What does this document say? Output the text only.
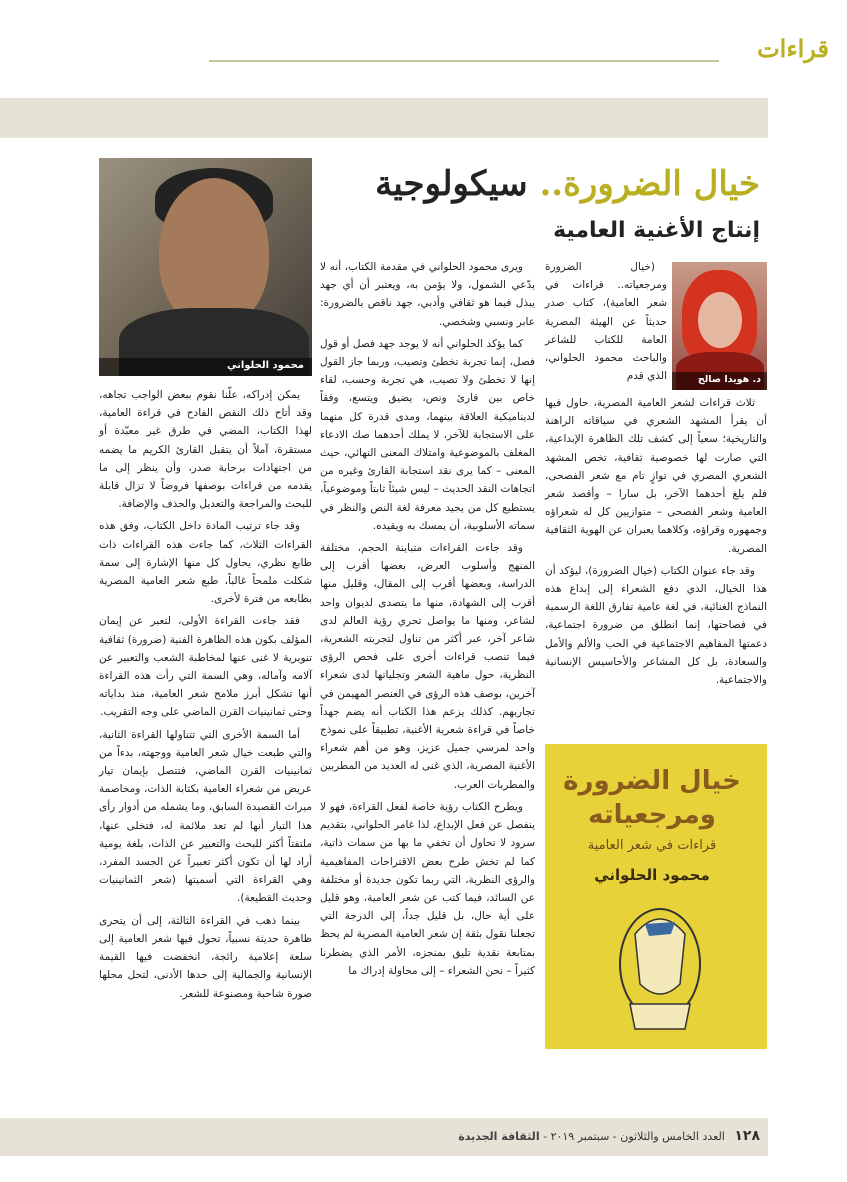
قراءات
محمود الحلواني
خيال الضرورة.. سيكولوجية
إنتاج الأغنية العامية
د. هويدا صالح

(خيال الضرورة ومرجعياته.. قراءات في شعر العامية)، كتاب صدر حديثاً عن الهيئة المصرية العامة للكتاب للشاعر والباحث محمود الحلواني، الذي قدم

ثلاث قراءات لشعر العامية المصرية، حاول فيها أن يقرأ المشهد الشعري في سياقاته الراهنة والتاريخية؛ سعياً إلى كشف تلك الظاهرة الإبداعية، التي صارت لها خصوصية ثقافية، تخص المشهد الشعري المصري في توازٍ تام مع شعر الفصحى، فلم يلغ أحدهما الآخر، بل سارا – وأقصد شعر العامية وشعر الفصحى – متوازيين كل له شعراؤه وجمهوره وقراؤه، وكلاهما يعبران عن الهوية الثقافية المصرية.

وقد جاء عنوان الكتاب (خيال الضرورة)، ليؤكد أن هذا الخيال، الذي دفع الشعراء إلى إبداع هذه النماذج الغنائية، في لغة عامية تفارق اللغة الرسمية في فصاحتها، إنما انطلق من ضرورة اجتماعية، دعمتها المفاهيم الاجتماعية في الحب والألم والأمل والسعادة، بل كل المشاعر والأحاسيس الإنسانية والاجتماعية.

خيال الضرورة
ومرجعياته
قراءات في شعر العامية
محمود الحلواني

ويرى محمود الحلواني في مقدمة الكتاب، أنه لا يدّعي الشمول، ولا يؤمن به، ويعتبر أن أي جهد يبذل فيما هو ثقافي وأدبي، جهد ناقص بالضرورة: عابر ونسبي وشخصي.

كما يؤكد الحلواني أنه لا يوجد جهد فصل أو قول فصل، إنما تجربة تخطئ وتصيب، وربما جاز القول إنها لا تخطئ ولا تصيب، هي تجربة وحسب، لقاء خاص بين قارئ ونص، يضيق ويتسع، وفقاً لديناميكية العلاقة بينهما، ومدى قدرة كل منهما على الاستجابة للآخر، لا يملك أحدهما صك الادعاء المغلف بالموضوعية وامتلاك المعنى النهائي، حيث المعنى – كما يرى نقد استجابة القارئ وغيره من اتجاهات النقد الحديث – ليس شيئاً ثابتاً وموضوعياً، يستطيع كل من يجيد معرفة لغة النص والنظر في سماته الأسلوبية، أن يمسك به ويقيده.

وقد جاءت القراءات متباينة الحجم، مختلفة المنهج وأسلوب العرض، بعضها أقرب إلى الدراسة، وبعضها أقرب إلى المقال، وقليل منها أقرب إلى الشهادة، منها ما يتصدى لديوان واحد لشاعر، ومنها ما يواصل تحري رؤية العالم لدى شاعر آخر، عبر أكثر من تناول لتجربته الشعرية، فيما تنصب قراءات أخرى على فحص الرؤى النظرية، حول ماهية الشعر وتجلياتها لدى شعراء آخرين، بوصف هذه الرؤى في العنصر المهيمن في تجاربهم. كذلك يزعم هذا الكتاب أنه يضم جهداً خاصاً في قراءة شعرية الأغنية، تطبيقاً على نموذج واحد لمرسي جميل عزيز، وهو من أهم شعراء الأغنية المصرية، الذي غنى له العديد من المطربين والمطربات العرب.

ويطرح الكتاب رؤية خاصة لفعل القراءة، فهو لا ينفصل عن فعل الإبداع، لذا غامر الحلواني، بتقديم سرود لا تحاول أن تخفي ما بها من سمات ذاتية، كما لم تخش طرح بعض الاقتراحات المفاهيمية والرؤى النظرية، التي ربما تكون جديدة أو مختلفة عن السائد، فيما كتب عن شعر العامية، وهو قليل على أية حال، بل قليل جداً، إلى الدرجة التي تجعلنا نقول بثقة إن شعر العامية المصرية لم يحظ بمتابعة نقدية تليق بمنجزه، الأمر الذي يضطرنا كثيراً – نحن الشعراء – إلى محاولة إدراك ما

يمكن إدراكه، علّنا نقوم ببعض الواجب تجاهه، وقد أتاح ذلك النقص الفادح في قراءة العامية، لهذا الكتاب، المضي في طرق غير معبّدة أو مستقرة، آملاً أن يتقبل القارئ الكريم ما يضمه من اجتهادات برحابة صدر، وأن ينظر إلى ما يقدمه من قراءات بوصفها فروضاً لا تزال قابلة للبحث والمراجعة والتعديل والحذف والإضافة.

وقد جاء ترتيب المادة داخل الكتاب، وفق هذه القراءات الثلاث، كما جاءت هذه القراءات ذات طابع نظري، يحاول كل منها الإشارة إلى سمة شكلت ملمحاً غالباً، طبع شعر العامية المصرية بطابعه من فترة لأخرى.

فقد جاءت القراءة الأولى، لتعبر عن إيمان المؤلف بكون هذه الظاهرة الفنية (ضرورة) ثقافية تنويرية لا غنى عنها لمخاطبة الشعب والتعبير عن آلامه وآماله، وهي السمة التي رأت هذه القراءة أنها تشكل أبرز ملامح شعر العامية، منذ بداياته وحتى ثمانينيات القرن الماضي على وجه التقريب.

أما السمة الأخرى التي تتناولها القراءة الثانية، والتي طبعت خيال شعر العامية ووجهته، بدءاً من ثمانينيات القرن الماضي، فتتصل بإيمان تيار عريض من شعراء العامية بكتابة الذات، ومخاصمة ميراث القصيدة السابق، وما يشمله من أدوار رأى هذا التيار أنها لم تعد ملائمة له، فتخلى عنها، ملتفتاً أكثر للبحث والتعبير عن الذات، بلغة يومية أراد لها أن تكون أكثر تعبيراً عن الجسد المفرد، وهي القراءة التي أسميتها (شعر الثمانينيات وحديث القطيعة).

بينما ذهب في القراءة الثالثة، إلى أن يتحرى ظاهرة حديثة نسبياً، تحول فيها شعر العامية إلى سلعة إعلامية رائجة، انخفضت فيها القيمة الإنسانية والجمالية إلى حدها الأدنى، لتحل محلها صورة شاحبة ومصنوعة للشعر.

١٢٨ العدد الخامس والثلاثون - سبتمبر ٢٠١٩ - الثقافة الجديدة
